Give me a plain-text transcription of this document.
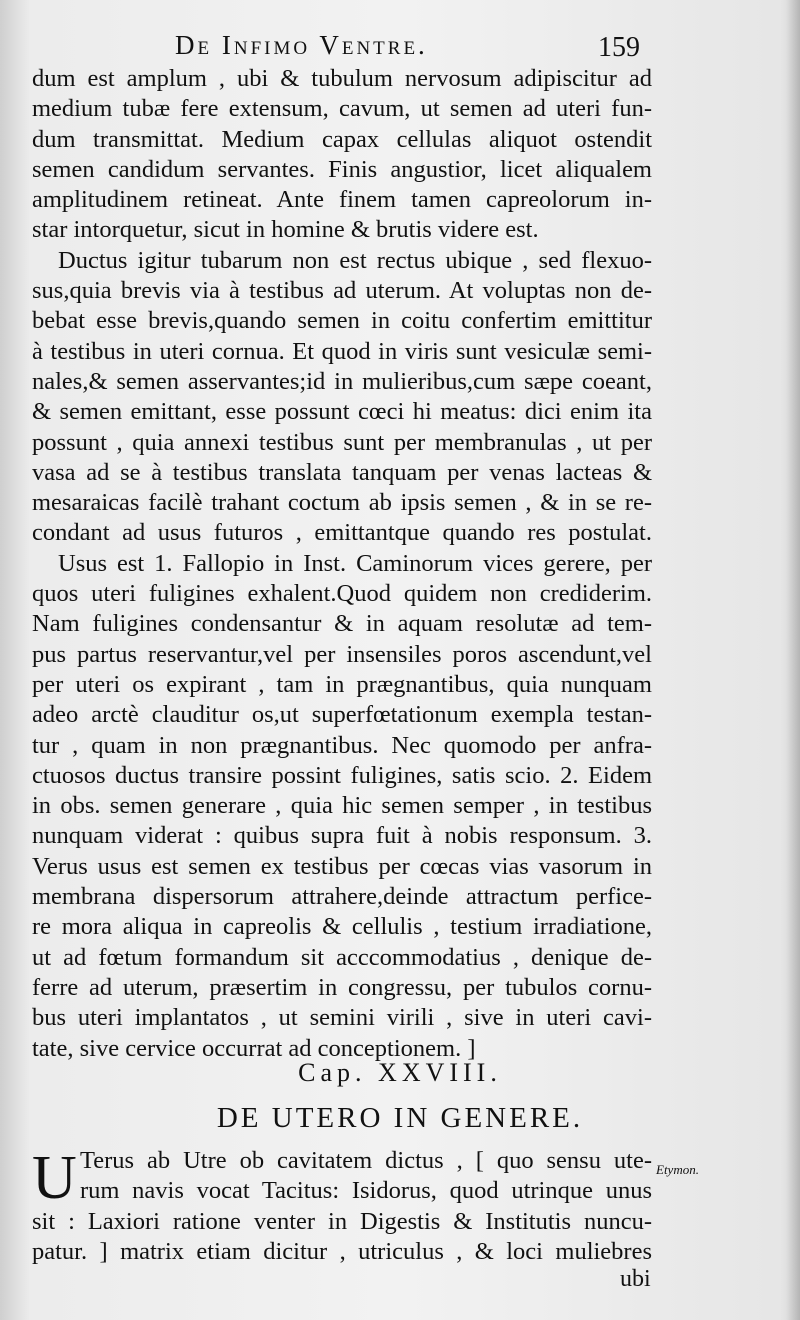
De Infimo Ventre.	159
dum est amplum , ubi & tubulum nervosum adipiscitur ad
medium tubæ fere extensum, cavum, ut semen ad uteri fun-
dum transmittat. Medium capax cellulas aliquot ostendit
semen candidum servantes. Finis angustior, licet aliqualem
amplitudinem retineat. Ante finem tamen capreolorum in-
star intorquetur, sicut in homine & brutis videre est.
Ductus igitur tubarum non est rectus ubique , sed flexuo-
sus,quia brevis via à testibus ad uterum. At voluptas non de-
bebat esse brevis,quando semen in coitu confertim emittitur
à testibus in uteri cornua. Et quod in viris sunt vesiculæ semi-
nales,& semen asservantes;id in mulieribus,cum sæpe coeant,
& semen emittant, esse possunt cœci hi meatus: dici enim ita
possunt , quia annexi testibus sunt per membranulas , ut per
vasa ad se à testibus translata tanquam per venas lacteas &
mesaraicas facilè trahant coctum ab ipsis semen , & in se re-
condant ad usus futuros , emittantque quando res postulat.
Usus est 1. Fallopio in Inst. Caminorum vices gerere, per
quos uteri fuligines exhalent.Quod quidem non crediderim.
Nam fuligines condensantur & in aquam resolutæ ad tem-
pus partus reservantur,vel per insensiles poros ascendunt,vel
per uteri os expirant , tam in prægnantibus, quia nunquam
adeo arctè clauditur os,ut superfœtationum exempla testan-
tur , quam in non prægnantibus. Nec quomodo per anfra-
ctuosos ductus transire possint fuligines, satis scio. 2. Eidem
in obs. semen generare , quia hic semen semper , in testibus
nunquam viderat : quibus supra fuit à nobis responsum. 3.
Verus usus est semen ex testibus per cœcas vias vasorum in
membrana dispersorum attrahere,deinde attractum perfice-
re mora aliqua in capreolis & cellulis , testium irradiatione,
ut ad fœtum formandum sit acccommodatius , denique de-
ferre ad uterum, præsertim in congressu, per tubulos cornu-
bus uteri implantatos , ut semini virili , sive in uteri cavi-
tate, sive cervice occurrat ad conceptionem. ]
Cap. XXVIII.
DE UTERO IN GENERE.
U Terus ab Utre ob cavitatem dictus , [ quo sensu ute-
rum navis vocat Tacitus: Isidorus, quod utrinque unus
sit : Laxiori ratione venter in Digestis & Institutis nuncu-
patur. ] matrix etiam dicitur , utriculus , & loci muliebres
Etymon.
ubi
